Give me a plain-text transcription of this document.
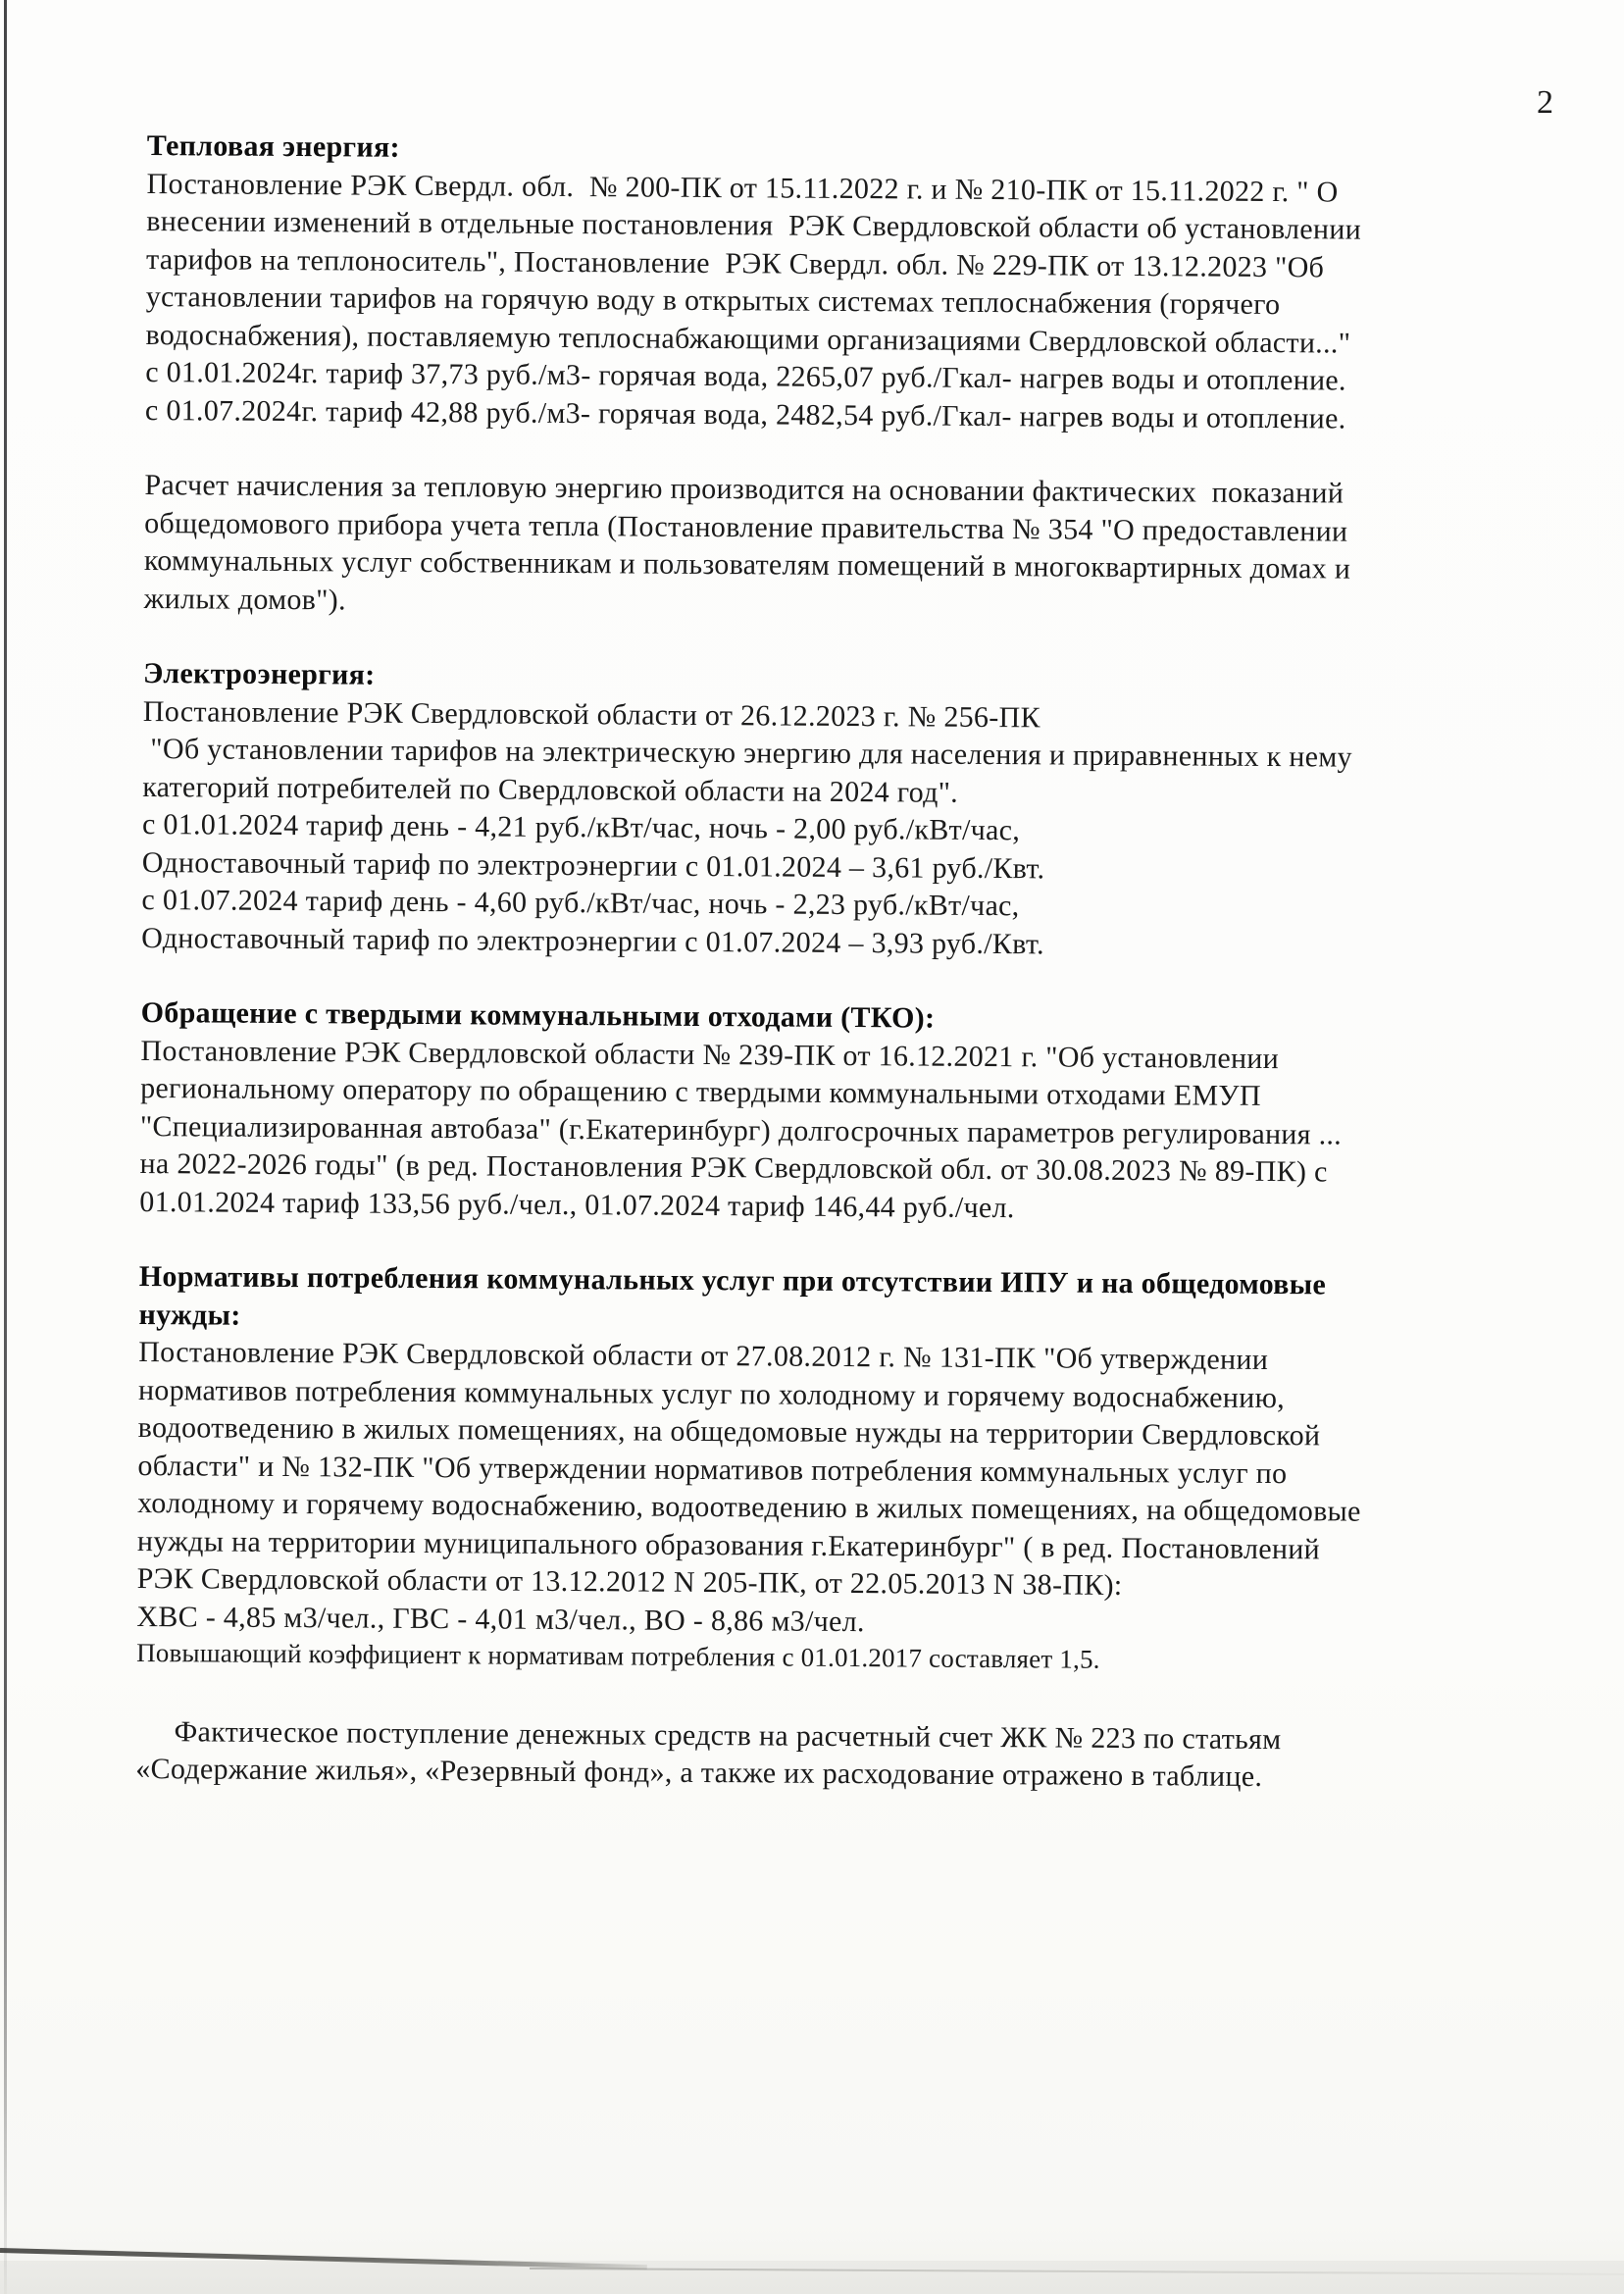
2
Тепловая энергия:

Постановление РЭК Свердл. обл.  № 200-ПК от 15.11.2022 г. и № 210-ПК от 15.11.2022 г. " О
внесении изменений в отдельные постановления  РЭК Свердловской области об установлении
тарифов на теплоноситель", Постановление  РЭК Свердл. обл. № 229-ПК от 13.12.2023 "Об
установлении тарифов на горячую воду в открытых системах теплоснабжения (горячего
водоснабжения), поставляемую теплоснабжающими организациями Свердловской области..."
с 01.01.2024г. тариф 37,73 руб./м3- горячая вода, 2265,07 руб./Гкал- нагрев воды и отопление.
с 01.07.2024г. тариф 42,88 руб./м3- горячая вода, 2482,54 руб./Гкал- нагрев воды и отопление.

Расчет начисления за тепловую энергию производится на основании фактических  показаний
общедомового прибора учета тепла (Постановление правительства № 354 "О предоставлении
коммунальных услуг собственникам и пользователям помещений в многоквартирных домах и
жилых домов").

Электроэнергия:

Постановление РЭК Свердловской области от 26.12.2023 г. № 256-ПК
"Об установлении тарифов на электрическую энергию для населения и приравненных к нему
категорий потребителей по Свердловской области на 2024 год".
с 01.01.2024 тариф день - 4,21 руб./кВт/час, ночь - 2,00 руб./кВт/час,
Одноставочный тариф по электроэнергии с 01.01.2024 – 3,61 руб./Квт.
с 01.07.2024 тариф день - 4,60 руб./кВт/час, ночь - 2,23 руб./кВт/час,
Одноставочный тариф по электроэнергии с 01.07.2024 – 3,93 руб./Квт.

Обращение с твердыми коммунальными отходами (ТКО):

Постановление РЭК Свердловской области № 239-ПК от 16.12.2021 г. "Об установлении
региональному оператору по обращению с твердыми коммунальными отходами ЕМУП
"Специализированная автобаза" (г.Екатеринбург) долгосрочных параметров регулирования ...
на 2022-2026 годы" (в ред. Постановления РЭК Свердловской обл. от 30.08.2023 № 89-ПК) с
01.01.2024 тариф 133,56 руб./чел., 01.07.2024 тариф 146,44 руб./чел.

Нормативы потребления коммунальных услуг при отсутствии ИПУ и на общедомовые
нужды:

Постановление РЭК Свердловской области от 27.08.2012 г. № 131-ПК "Об утверждении
нормативов потребления коммунальных услуг по холодному и горячему водоснабжению,
водоотведению в жилых помещениях, на общедомовые нужды на территории Свердловской
области" и № 132-ПК "Об утверждении нормативов потребления коммунальных услуг по
холодному и горячему водоснабжению, водоотведению в жилых помещениях, на общедомовые
нужды на территории муниципального образования г.Екатеринбург" ( в ред. Постановлений
РЭК Свердловской области от 13.12.2012 N 205-ПК, от 22.05.2013 N 38-ПК):
ХВС - 4,85 м3/чел., ГВС - 4,01 м3/чел., ВО - 8,86 м3/чел.

Повышающий коэффициент к нормативам потребления с 01.01.2017 составляет 1,5.

Фактическое поступление денежных средств на расчетный счет ЖК № 223 по статьям
«Содержание жилья», «Резервный фонд», а также их расходование отражено в таблице.
